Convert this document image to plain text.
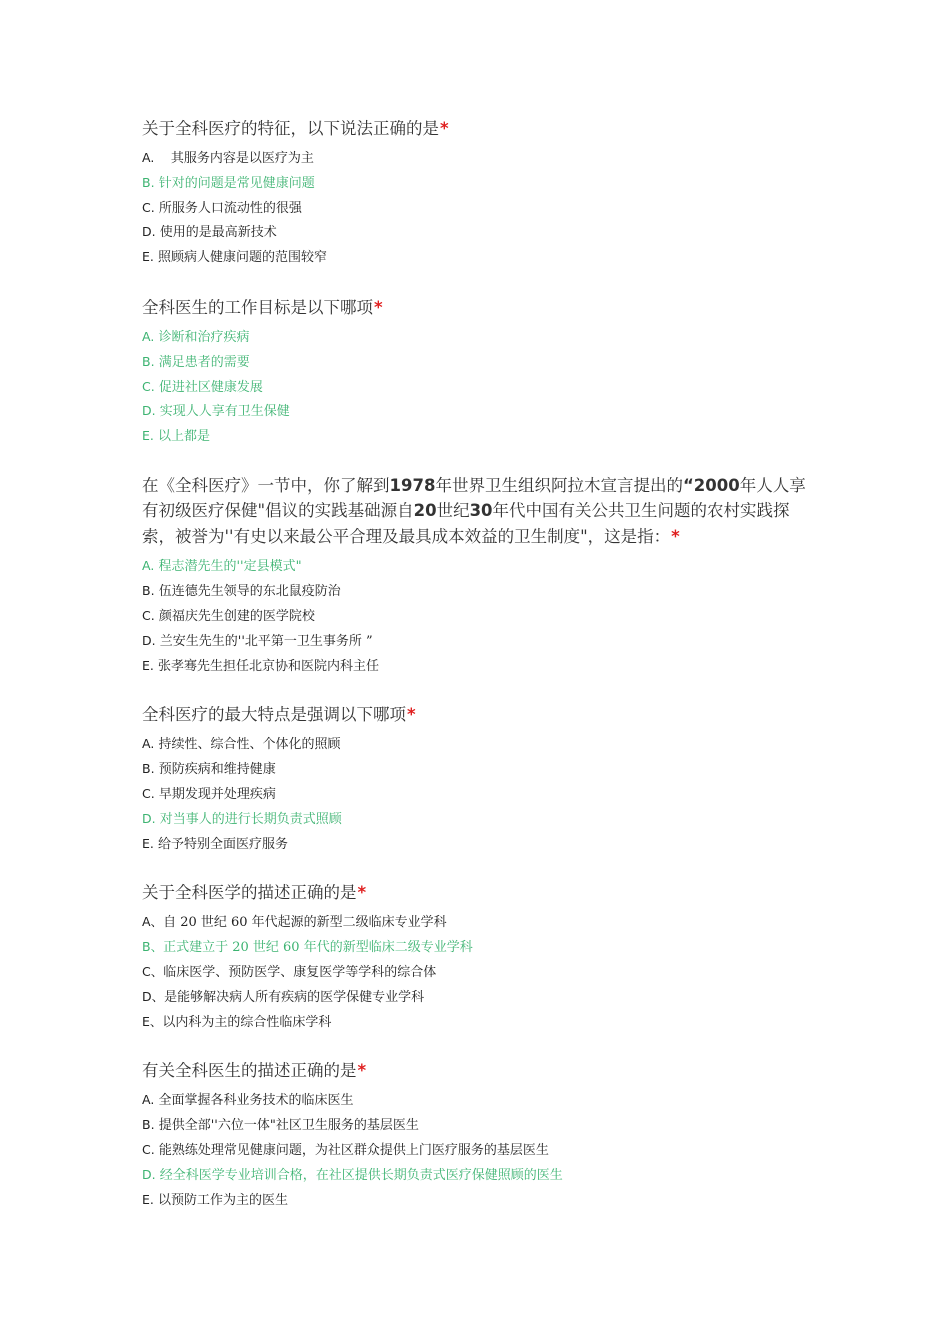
关于全科医疗的特征，以下说法正确的是*
A.    其服务内容是以医疗为主
B. 针对的问题是常见健康问题
C. 所服务人口流动性的很强
D. 使用的是最高新技术
E. 照顾病人健康问题的范围较窄
全科医生的工作目标是以下哪项*
A. 诊断和治疗疾病
B. 满足患者的需要
C. 促进社区健康发展
D. 实现人人享有卫生保健
E. 以上都是
在《全科医疗》一节中，你了解到1978年世界卫生组织阿拉木宣言提出的“2000年人人享有初级医疗保健"倡议的实践基础源自20世纪30年代中国有关公共卫生问题的农村实践探索，被誉为''有史以来最公平合理及最具成本效益的卫生制度"，这是指：*
A. 程志潜先生的''定县模式"
B. 伍连德先生领导的东北鼠疫防治
C. 颜福庆先生创建的医学院校
D. 兰安生先生的''北平第一卫生事务所 ”
E. 张孝骞先生担任北京协和医院内科主任
全科医疗的最大特点是强调以下哪项*
A. 持续性、综合性、个体化的照顾
B. 预防疾病和维持健康
C. 早期发现并处理疾病
D. 对当事人的进行长期负责式照顾
E. 给予特别全面医疗服务
关于全科医学的描述正确的是*
A、自 20 世纪 60 年代起源的新型二级临床专业学科
B、正式建立于 20 世纪 60 年代的新型临床二级专业学科
C、临床医学、预防医学、康复医学等学科的综合体
D、是能够解决病人所有疾病的医学保健专业学科
E、以内科为主的综合性临床学科
有关全科医生的描述正确的是*
A. 全面掌握各科业务技术的临床医生
B. 提供全部''六位一体"社区卫生服务的基层医生
C. 能熟练处理常见健康问题，为社区群众提供上门医疗服务的基层医生
D. 经全科医学专业培训合格，在社区提供长期负责式医疗保健照顾的医生
E. 以预防工作为主的医生
